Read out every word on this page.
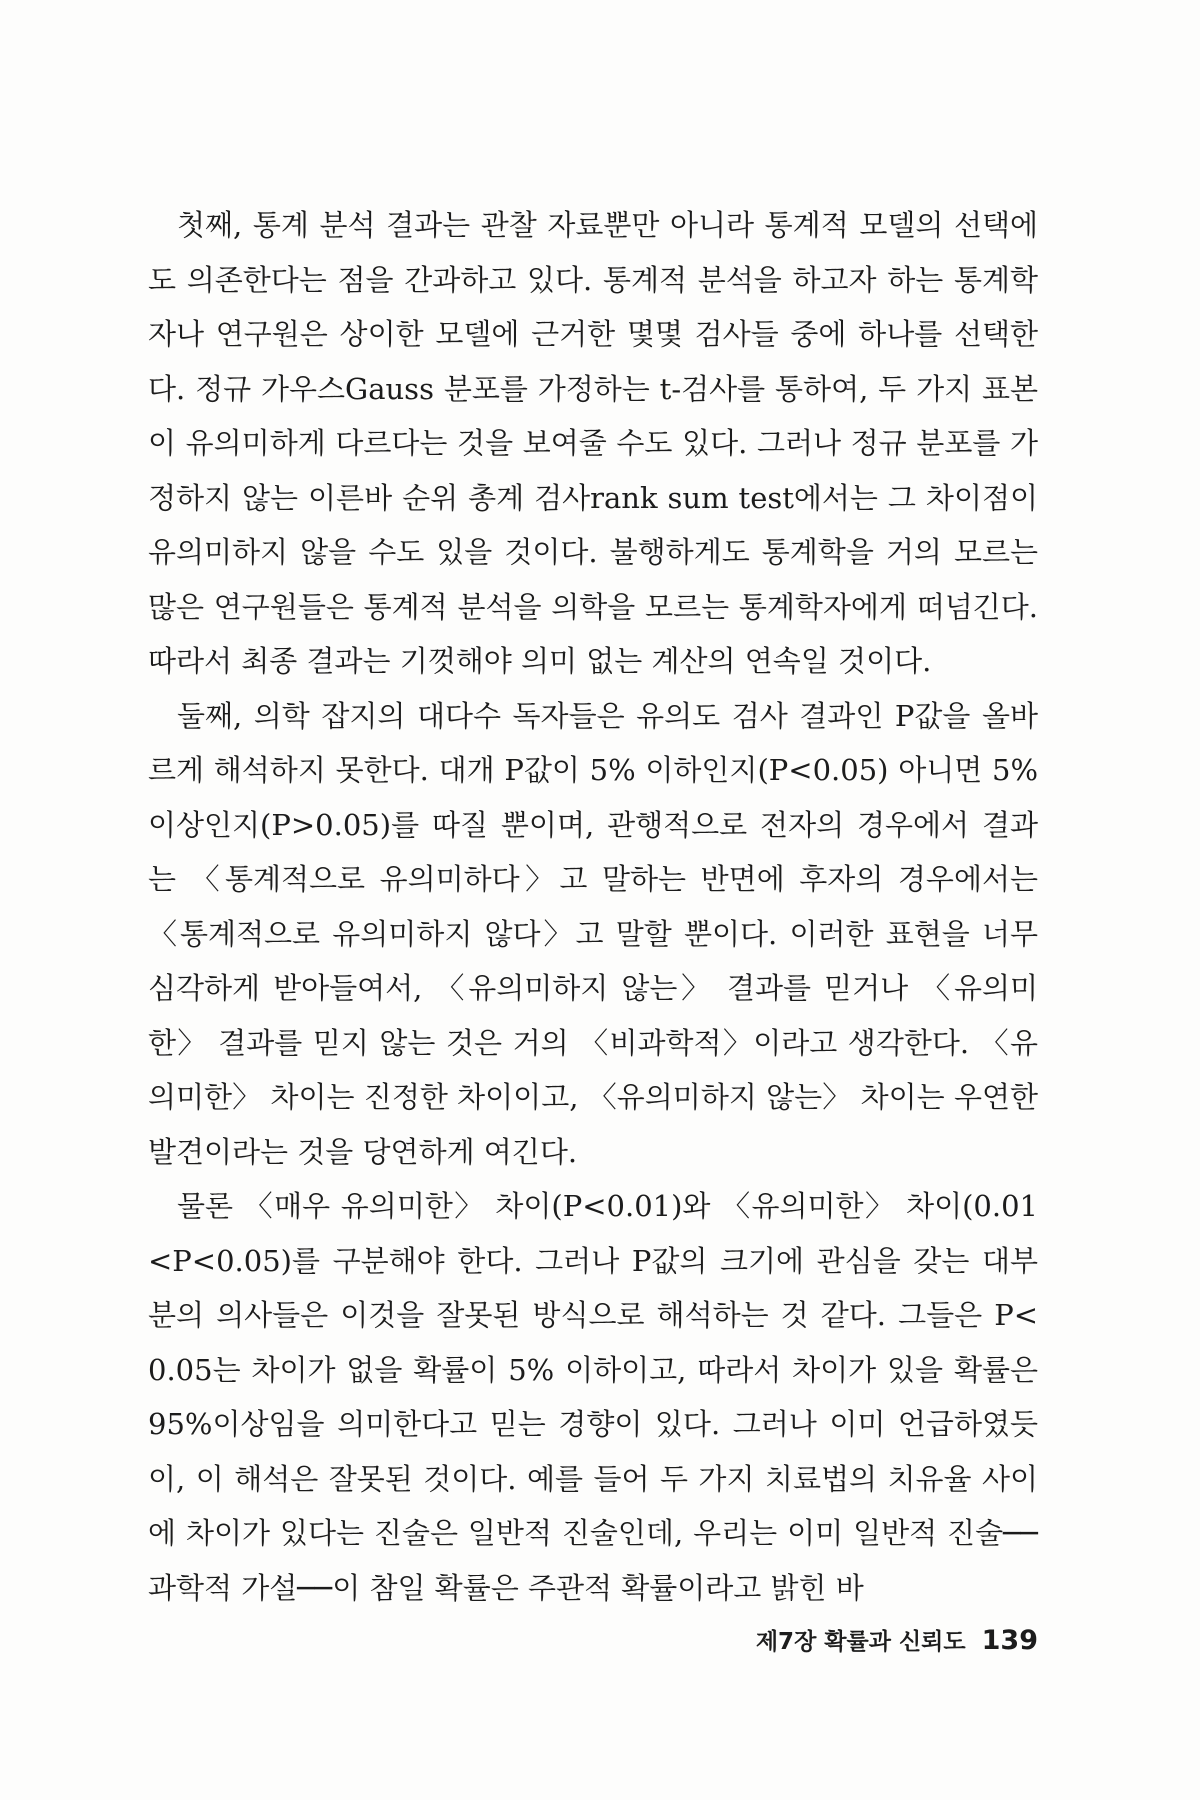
첫째, 통계 분석 결과는 관찰 자료뿐만 아니라 통계적 모델의 선택에도 의존한다는 점을 간과하고 있다. 통계적 분석을 하고자 하는 통계학자나 연구원은 상이한 모델에 근거한 몇몇 검사들 중에 하나를 선택한다. 정규 가우스Gauss 분포를 가정하는 t-검사를 통하여, 두 가지 표본이 유의미하게 다르다는 것을 보여줄 수도 있다. 그러나 정규 분포를 가정하지 않는 이른바 순위 총계 검사rank sum test에서는 그 차이점이 유의미하지 않을 수도 있을 것이다. 불행하게도 통계학을 거의 모르는 많은 연구원들은 통계적 분석을 의학을 모르는 통계학자에게 떠넘긴다. 따라서 최종 결과는 기껏해야 의미 없는 계산의 연속일 것이다.

둘째, 의학 잡지의 대다수 독자들은 유의도 검사 결과인 P값을 올바르게 해석하지 못한다. 대개 P값이 5% 이하인지(P<0.05) 아니면 5% 이상인지(P>0.05)를 따질 뿐이며, 관행적으로 전자의 경우에서 결과는 〈통계적으로 유의미하다〉고 말하는 반면에 후자의 경우에서는 〈통계적으로 유의미하지 않다〉고 말할 뿐이다. 이러한 표현을 너무 심각하게 받아들여서, 〈유의미하지 않는〉 결과를 믿거나 〈유의미한〉 결과를 믿지 않는 것은 거의 〈비과학적〉이라고 생각한다. 〈유의미한〉 차이는 진정한 차이이고, 〈유의미하지 않는〉 차이는 우연한 발견이라는 것을 당연하게 여긴다.

물론 〈매우 유의미한〉 차이(P<0.01)와 〈유의미한〉 차이(0.01<P<0.05)를 구분해야 한다. 그러나 P값의 크기에 관심을 갖는 대부분의 의사들은 이것을 잘못된 방식으로 해석하는 것 같다. 그들은 P<0.05는 차이가 없을 확률이 5% 이하이고, 따라서 차이가 있을 확률은 95%이상임을 의미한다고 믿는 경향이 있다. 그러나 이미 언급하였듯이, 이 해석은 잘못된 것이다. 예를 들어 두 가지 치료법의 치유율 사이에 차이가 있다는 진술은 일반적 진술인데, 우리는 이미 일반적 진술──과학적 가설──이 참일 확률은 주관적 확률이라고 밝힌 바

제7장 확률과 신뢰도 139
